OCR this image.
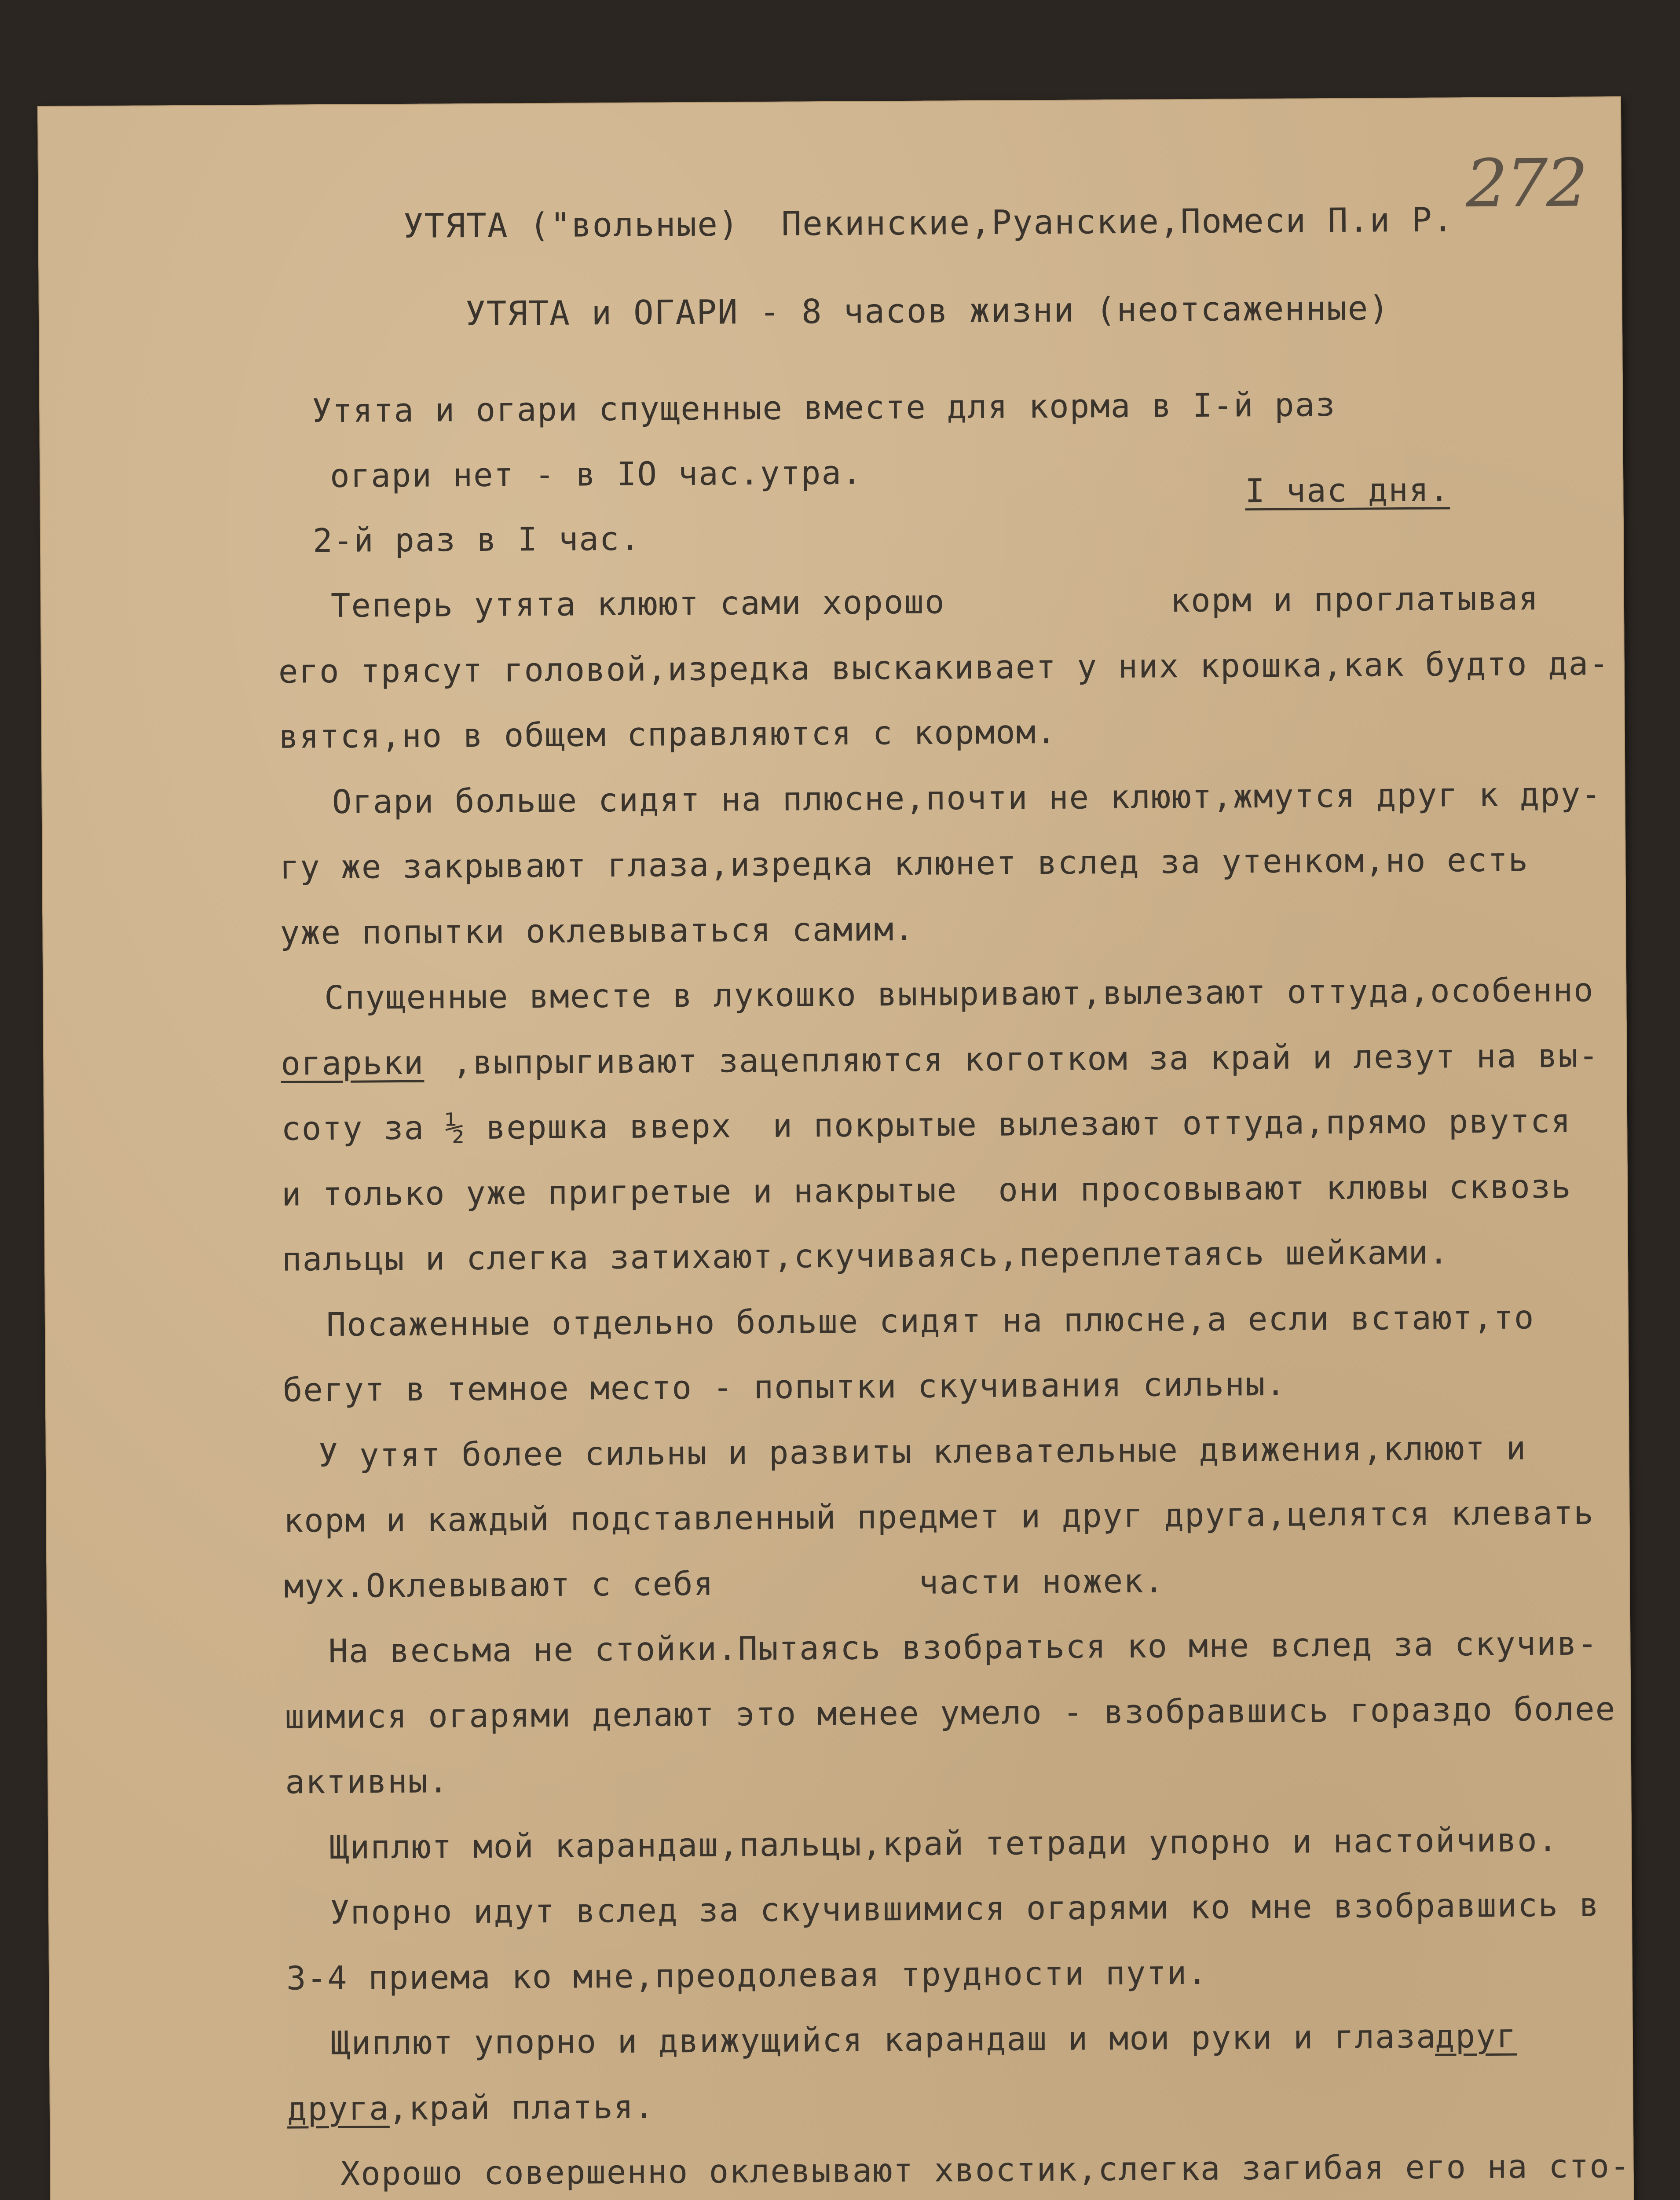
272
УТЯТА ("вольные)  Пекинские,Руанские,Помеси П.и Р.
УТЯТА и ОГАРИ - 8 часов жизни (неотсаженные)
Утята и огари спущенные вместе для корма в I-й раз
огари нет - в IO час.утра.	I час дня.
2-й раз в I час.
Теперь утята клюют сами хорошо           корм и проглатывая
его трясут головой,изредка выскакивает у них крошка,как будто да-
вятся,но в общем справляются с кормом.
Огари больше сидят на плюсне,почти не клюют,жмутся друг к дру-
гу же закрывают глаза,изредка клюнет вслед за утенком,но есть
уже попытки оклевываться самим.
Спущенные вместе в лукошко выныривают,вылезают оттуда,особенно
огарьки ,выпрыгивают зацепляются коготком за край и лезут на вы-
соту за ½ вершка вверх  и покрытые вылезают оттуда,прямо рвутся
и только уже пригретые и накрытые  они просовывают клювы сквозь
пальцы и слегка затихают,скучиваясь,переплетаясь шейками.
Посаженные отдельно больше сидят на плюсне,а если встают,то
бегут в темное место - попытки скучивания сильны.
У утят более сильны и развиты клевательные движения,клюют и
корм и каждый подставленный предмет и друг друга,целятся клевать
мух.Оклевывают с себя          части ножек.
На весьма не стойки.Пытаясь взобраться ко мне вслед за скучив-
шимися огарями делают это менее умело - взобравшись гораздо более
активны.
Щиплют мой карандаш,пальцы,край тетради упорно и настойчиво.
Упорно идут вслед за скучившимися огарями ко мне взобравшись в
3-4 приема ко мне,преодолевая трудности пути.
Щиплют упорно и движущийся карандаш и мои руки и глаза
друг
друга
,край платья.
Хорошо совершенно оклевывают хвостик,слегка загибая его на сто-
